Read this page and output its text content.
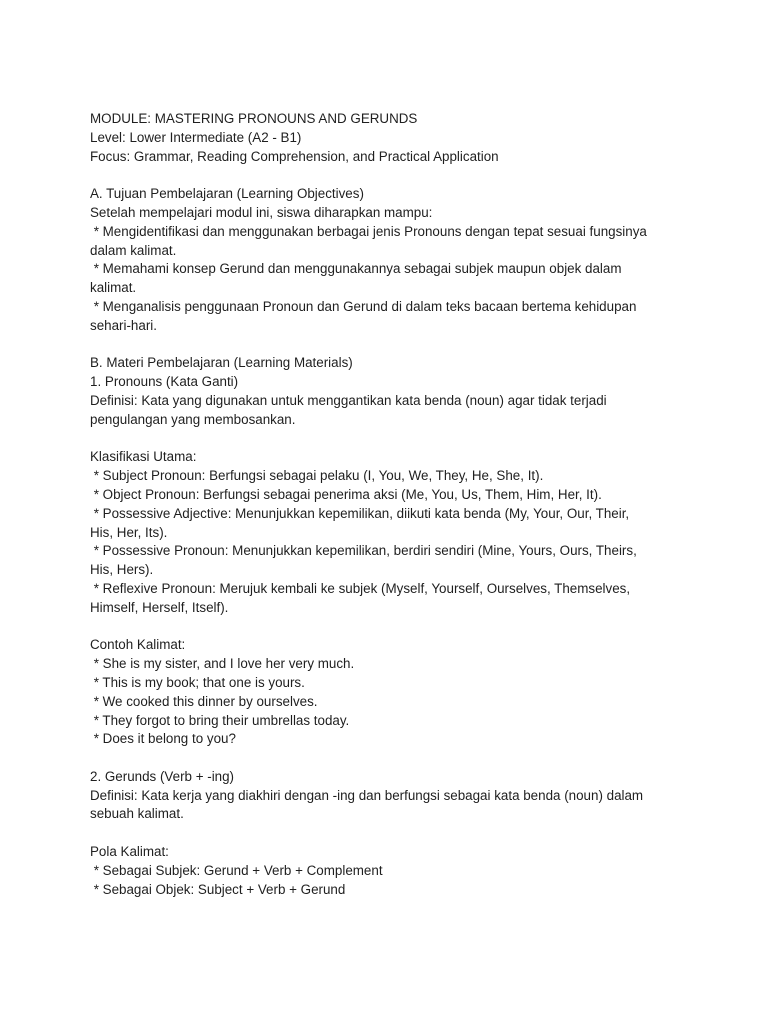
MODULE: MASTERING PRONOUNS AND GERUNDS
Level: Lower Intermediate (A2 - B1)
Focus: Grammar, Reading Comprehension, and Practical Application
A. Tujuan Pembelajaran (Learning Objectives)
Setelah mempelajari modul ini, siswa diharapkan mampu:
* Mengidentifikasi dan menggunakan berbagai jenis Pronouns dengan tepat sesuai fungsinya
dalam kalimat.
* Memahami konsep Gerund dan menggunakannya sebagai subjek maupun objek dalam
kalimat.
* Menganalisis penggunaan Pronoun dan Gerund di dalam teks bacaan bertema kehidupan
sehari-hari.
B. Materi Pembelajaran (Learning Materials)
1. Pronouns (Kata Ganti)
Definisi: Kata yang digunakan untuk menggantikan kata benda (noun) agar tidak terjadi
pengulangan yang membosankan.
Klasifikasi Utama:
* Subject Pronoun: Berfungsi sebagai pelaku (I, You, We, They, He, She, It).
* Object Pronoun: Berfungsi sebagai penerima aksi (Me, You, Us, Them, Him, Her, It).
* Possessive Adjective: Menunjukkan kepemilikan, diikuti kata benda (My, Your, Our, Their,
His, Her, Its).
* Possessive Pronoun: Menunjukkan kepemilikan, berdiri sendiri (Mine, Yours, Ours, Theirs,
His, Hers).
* Reflexive Pronoun: Merujuk kembali ke subjek (Myself, Yourself, Ourselves, Themselves,
Himself, Herself, Itself).
Contoh Kalimat:
* She is my sister, and I love her very much.
* This is my book; that one is yours.
* We cooked this dinner by ourselves.
* They forgot to bring their umbrellas today.
* Does it belong to you?
2. Gerunds (Verb + -ing)
Definisi: Kata kerja yang diakhiri dengan -ing dan berfungsi sebagai kata benda (noun) dalam
sebuah kalimat.
Pola Kalimat:
* Sebagai Subjek: Gerund + Verb + Complement
* Sebagai Objek: Subject + Verb + Gerund
